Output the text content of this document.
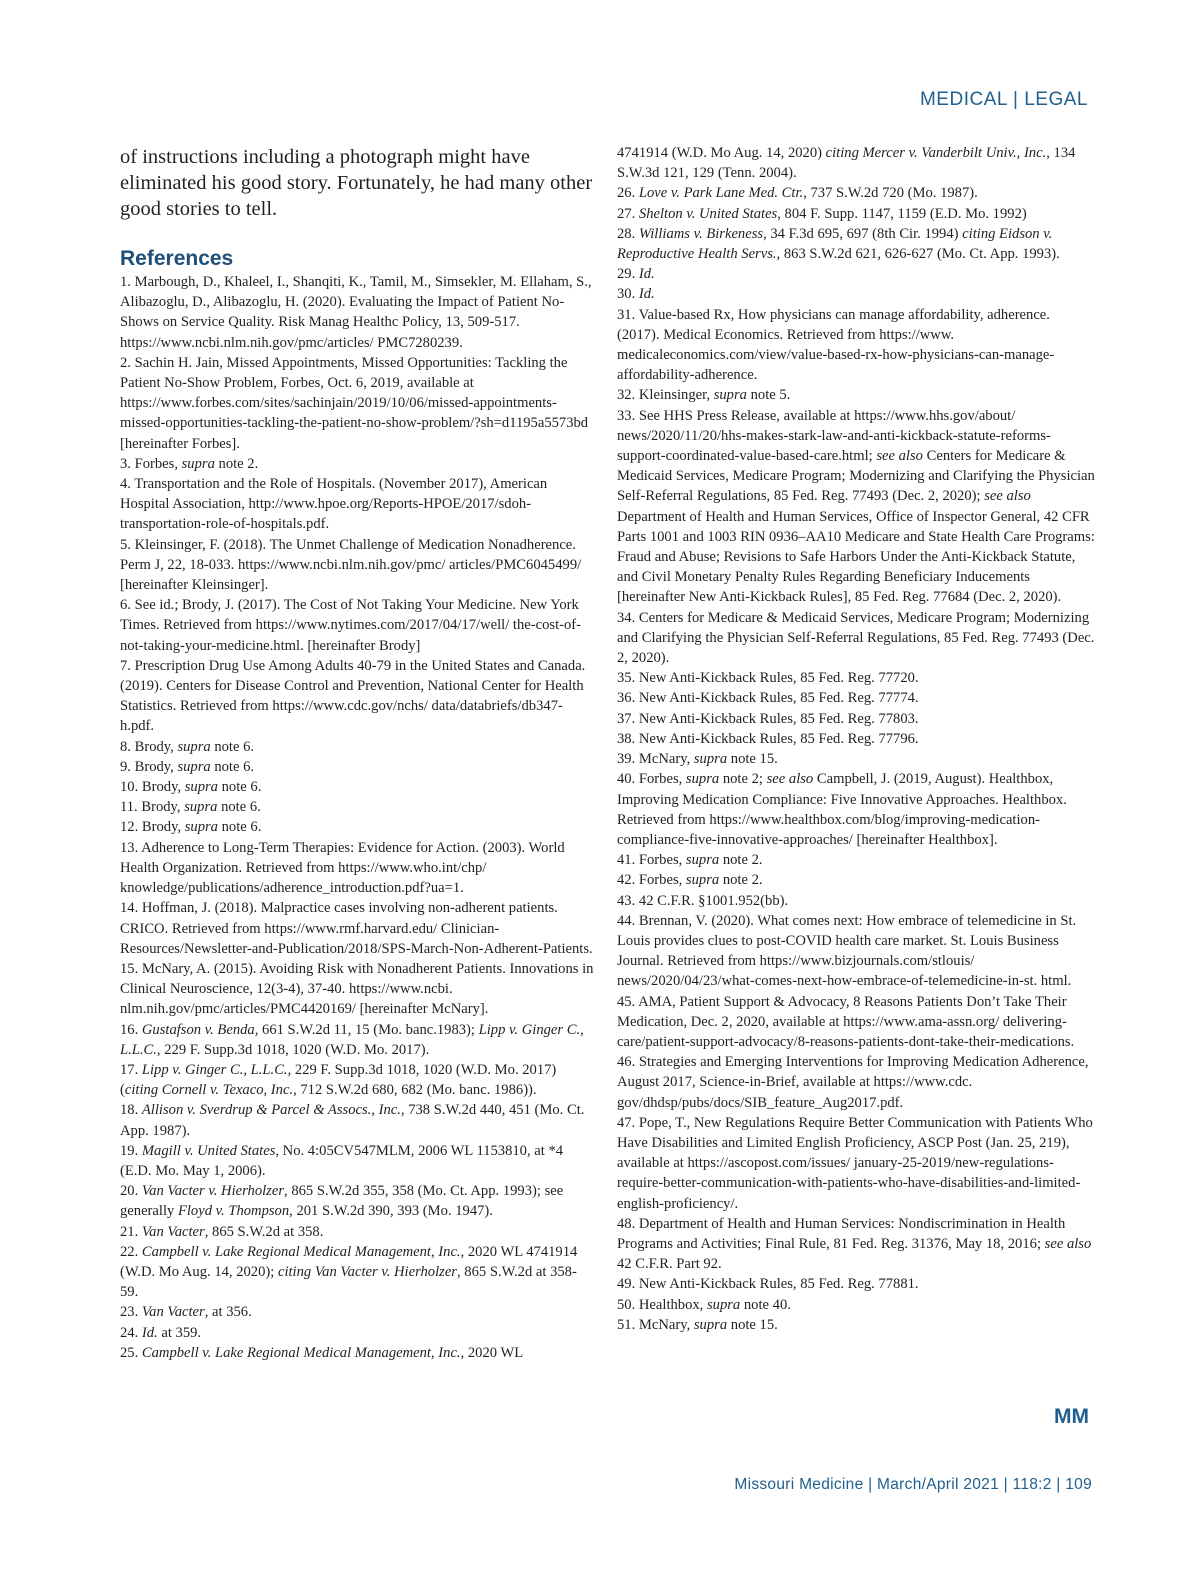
MEDICAL | LEGAL

of instructions including a photograph might have eliminated his good story. Fortunately, he had many other good stories to tell.

References

1. Marbough, D., Khaleel, I., Shanqiti, K., Tamil, M., Simsekler, M. Ellaham, S., Alibazoglu, D., Alibazoglu, H. (2020). Evaluating the Impact of Patient No-Shows on Service Quality. Risk Manag Healthc Policy, 13, 509-517. https://www.ncbi.nlm.nih.gov/pmc/articles/ PMC7280239.

2. Sachin H. Jain, Missed Appointments, Missed Opportunities: Tackling the Patient No-Show Problem, Forbes, Oct. 6, 2019, available at https://www.forbes.com/sites/sachinjain/2019/10/06/missed-appointments-missed-opportunities-tackling-the-patient-no-show-problem/?sh=d1195a5573bd [hereinafter Forbes].

3. Forbes, supra note 2.

4. Transportation and the Role of Hospitals. (November 2017), American Hospital Association, http://www.hpoe.org/Reports-HPOE/2017/sdoh-transportation-role-of-hospitals.pdf.

5. Kleinsinger, F. (2018). The Unmet Challenge of Medication Nonadherence. Perm J, 22, 18-033. https://www.ncbi.nlm.nih.gov/pmc/ articles/PMC6045499/ [hereinafter Kleinsinger].

6. See id.; Brody, J. (2017). The Cost of Not Taking Your Medicine. New York Times. Retrieved from https://www.nytimes.com/2017/04/17/well/ the-cost-of-not-taking-your-medicine.html. [hereinafter Brody]

7. Prescription Drug Use Among Adults 40-79 in the United States and Canada. (2019). Centers for Disease Control and Prevention, National Center for Health Statistics. Retrieved from https://www.cdc.gov/nchs/ data/databriefs/db347-h.pdf.

8. Brody, supra note 6.

9. Brody, supra note 6.

10. Brody, supra note 6.

11. Brody, supra note 6.

12. Brody, supra note 6.

13. Adherence to Long-Term Therapies: Evidence for Action. (2003). World Health Organization. Retrieved from https://www.who.int/chp/ knowledge/publications/adherence_introduction.pdf?ua=1.

14. Hoffman, J. (2018). Malpractice cases involving non-adherent patients. CRICO. Retrieved from https://www.rmf.harvard.edu/ Clinician-Resources/Newsletter-and-Publication/2018/SPS-March-Non-Adherent-Patients.

15. McNary, A. (2015). Avoiding Risk with Nonadherent Patients. Innovations in Clinical Neuroscience, 12(3-4), 37-40. https://www.ncbi. nlm.nih.gov/pmc/articles/PMC4420169/ [hereinafter McNary].

16. Gustafson v. Benda, 661 S.W.2d 11, 15 (Mo. banc.1983); Lipp v. Ginger C., L.L.C., 229 F. Supp.3d 1018, 1020 (W.D. Mo. 2017).

17. Lipp v. Ginger C., L.L.C., 229 F. Supp.3d 1018, 1020 (W.D. Mo. 2017) (citing Cornell v. Texaco, Inc., 712 S.W.2d 680, 682 (Mo. banc. 1986)).

18. Allison v. Sverdrup & Parcel & Assocs., Inc., 738 S.W.2d 440, 451 (Mo. Ct. App. 1987).

19. Magill v. United States, No. 4:05CV547MLM, 2006 WL 1153810, at *4 (E.D. Mo. May 1, 2006).

20. Van Vacter v. Hierholzer, 865 S.W.2d 355, 358 (Mo. Ct. App. 1993); see generally Floyd v. Thompson, 201 S.W.2d 390, 393 (Mo. 1947).

21. Van Vacter, 865 S.W.2d at 358.

22. Campbell v. Lake Regional Medical Management, Inc., 2020 WL 4741914 (W.D. Mo Aug. 14, 2020); citing Van Vacter v. Hierholzer, 865 S.W.2d at 358-59.

23. Van Vacter, at 356.

24. Id. at 359.

25. Campbell v. Lake Regional Medical Management, Inc., 2020 WL

4741914 (W.D. Mo Aug. 14, 2020) citing Mercer v. Vanderbilt Univ., Inc., 134 S.W.3d 121, 129 (Tenn. 2004).

26. Love v. Park Lane Med. Ctr., 737 S.W.2d 720 (Mo. 1987).

27. Shelton v. United States, 804 F. Supp. 1147, 1159 (E.D. Mo. 1992)

28. Williams v. Birkeness, 34 F.3d 695, 697 (8th Cir. 1994) citing Eidson v. Reproductive Health Servs., 863 S.W.2d 621, 626-627 (Mo. Ct. App. 1993).

29. Id.

30. Id.

31. Value-based Rx, How physicians can manage affordability, adherence. (2017). Medical Economics. Retrieved from https://www. medicaleconomics.com/view/value-based-rx-how-physicians-can-manage-affordability-adherence.

32. Kleinsinger, supra note 5.

33. See HHS Press Release, available at https://www.hhs.gov/about/ news/2020/11/20/hhs-makes-stark-law-and-anti-kickback-statute-reforms-support-coordinated-value-based-care.html; see also Centers for Medicare & Medicaid Services, Medicare Program; Modernizing and Clarifying the Physician Self-Referral Regulations, 85 Fed. Reg. 77493 (Dec. 2, 2020); see also Department of Health and Human Services, Office of Inspector General, 42 CFR Parts 1001 and 1003 RIN 0936–AA10 Medicare and State Health Care Programs: Fraud and Abuse; Revisions to Safe Harbors Under the Anti-Kickback Statute, and Civil Monetary Penalty Rules Regarding Beneficiary Inducements [hereinafter New Anti-Kickback Rules], 85 Fed. Reg. 77684 (Dec. 2, 2020).

34. Centers for Medicare & Medicaid Services, Medicare Program; Modernizing and Clarifying the Physician Self-Referral Regulations, 85 Fed. Reg. 77493 (Dec. 2, 2020).

35. New Anti-Kickback Rules, 85 Fed. Reg. 77720.

36. New Anti-Kickback Rules, 85 Fed. Reg. 77774.

37. New Anti-Kickback Rules, 85 Fed. Reg. 77803.

38. New Anti-Kickback Rules, 85 Fed. Reg. 77796.

39. McNary, supra note 15.

40. Forbes, supra note 2; see also Campbell, J. (2019, August). Healthbox, Improving Medication Compliance: Five Innovative Approaches. Healthbox. Retrieved from https://www.healthbox.com/blog/improving-medication-compliance-five-innovative-approaches/ [hereinafter Healthbox].

41. Forbes, supra note 2.

42. Forbes, supra note 2.

43. 42 C.F.R. §1001.952(bb).

44. Brennan, V. (2020). What comes next: How embrace of telemedicine in St. Louis provides clues to post-COVID health care market. St. Louis Business Journal. Retrieved from https://www.bizjournals.com/stlouis/ news/2020/04/23/what-comes-next-how-embrace-of-telemedicine-in-st. html.

45. AMA, Patient Support & Advocacy, 8 Reasons Patients Don’t Take Their Medication, Dec. 2, 2020, available at https://www.ama-assn.org/ delivering-care/patient-support-advocacy/8-reasons-patients-dont-take-their-medications.

46. Strategies and Emerging Interventions for Improving Medication Adherence, August 2017, Science-in-Brief, available at https://www.cdc. gov/dhdsp/pubs/docs/SIB_feature_Aug2017.pdf.

47. Pope, T., New Regulations Require Better Communication with Patients Who Have Disabilities and Limited English Proficiency, ASCP Post (Jan. 25, 219), available at https://ascopost.com/issues/ january-25-2019/new-regulations-require-better-communication-with-patients-who-have-disabilities-and-limited-english-proficiency/.

48. Department of Health and Human Services: Nondiscrimination in Health Programs and Activities; Final Rule, 81 Fed. Reg. 31376, May 18, 2016; see also 42 C.F.R. Part 92.

49. New Anti-Kickback Rules, 85 Fed. Reg. 77881.

50. Healthbox, supra note 40.

51. McNary, supra note 15.

MM
Missouri Medicine | March/April 2021 | 118:2 | 109
